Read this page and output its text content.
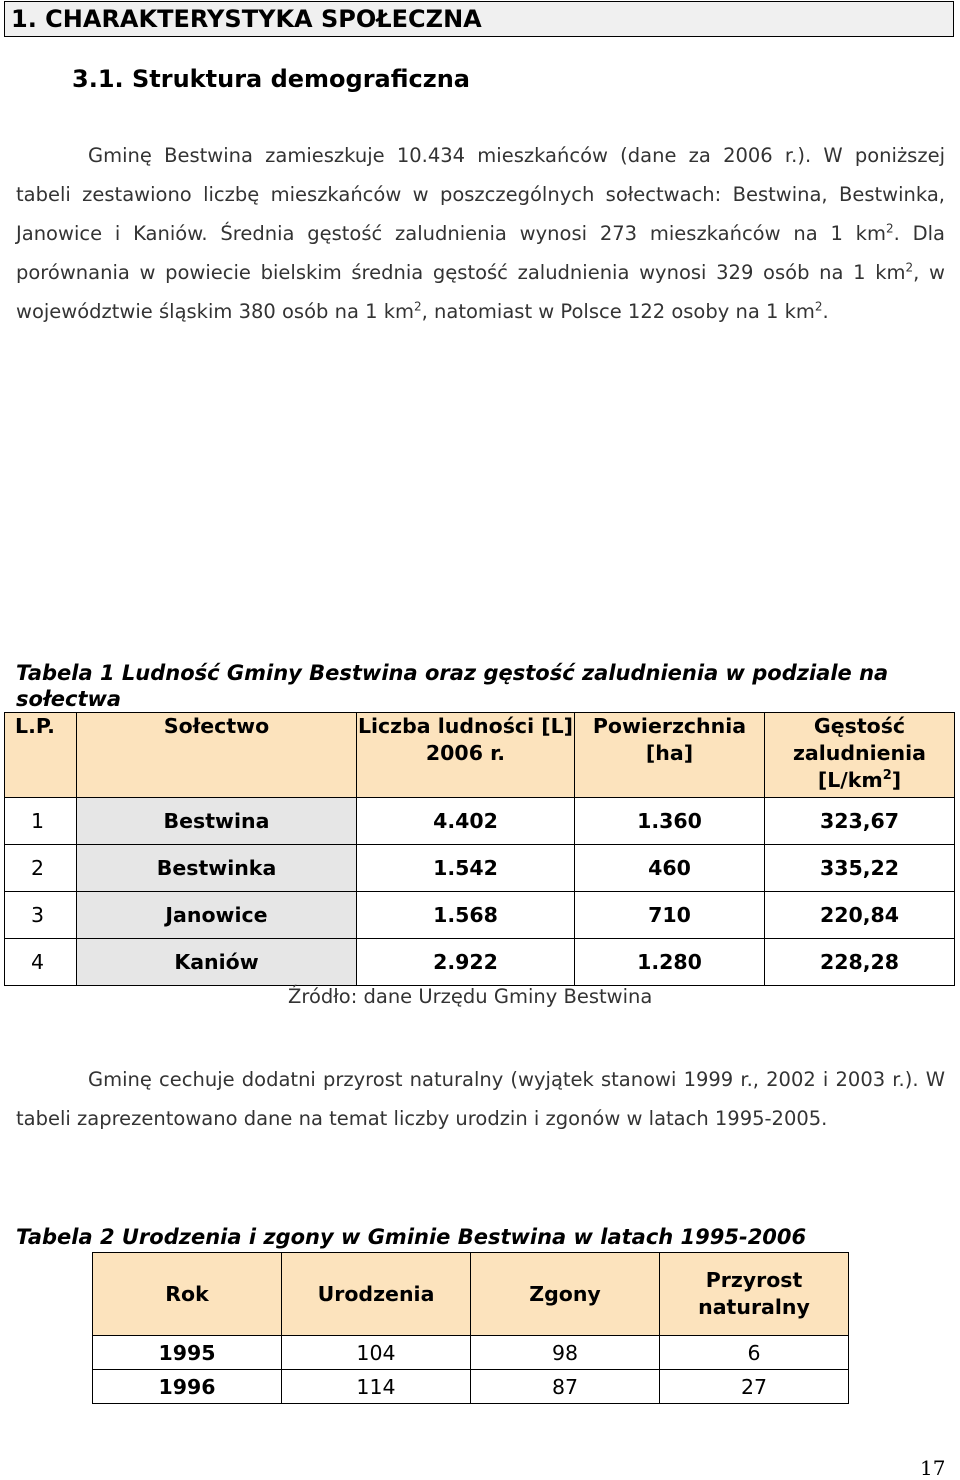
1. CHARAKTERYSTYKA SPOŁECZNA
3.1. Struktura demograficzna
Gminę Bestwina zamieszkuje 10.434 mieszkańców (dane za 2006 r.). W poniższej tabeli zestawiono liczbę mieszkańców w poszczególnych sołectwach: Bestwina, Bestwinka, Janowice i Kaniów. Średnia gęstość zaludnienia wynosi 273 mieszkańców na 1 $km^2$. Dla porównania w powiecie bielskim średnia gęstość zaludnienia wynosi 329 osób na 1 $km^2$, w województwie śląskim 380 osób na 1 $km^2$, natomiast w Polsce 122 osoby na 1 $km^2$.
Tabela 1 Ludność Gminy Bestwina oraz gęstość zaludnienia w podziale na sołectwa
L.P.	Sołectwo	Liczba ludności [L] 2006 r.	Powierzchnia [ha]	Gęstość zaludnienia $[L/km^2]$
1	Bestwina	4.402	1.360	323,67
2	Bestwinka	1.542	460	335,22
3	Janowice	1.568	710	220,84
4	Kaniów	2.922	1.280	228,28
Źródło: dane Urzędu Gminy Bestwina
Gminę cechuje dodatni przyrost naturalny (wyjątek stanowi 1999 r., 2002 i 2003 r.). W tabeli zaprezentowano dane na temat liczby urodzin i zgonów w latach 1995-2005.
Tabela 2 Urodzenia i zgony w Gminie Bestwina w latach 1995-2006
Rok	Urodzenia	Zgony	Przyrost naturalny
1995	104	98	6
1996	114	87	27
17
